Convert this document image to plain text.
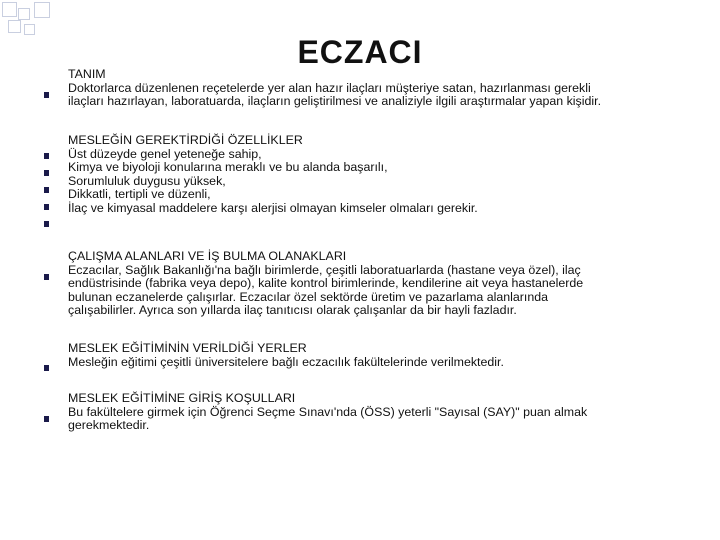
ECZACI
TANIM
Doktorlarca düzenlenen reçetelerde yer alan hazır ilaçları müşteriye satan, hazırlanması gerekli
ilaçları hazırlayan, laboratuarda, ilaçların geliştirilmesi ve analiziyle ilgili araştırmalar yapan kişidir.
MESLEĞİN GEREKTİRDİĞİ ÖZELLİKLER
Üst düzeyde genel yeteneğe sahip,
Kimya ve biyoloji konularına meraklı ve bu alanda başarılı,
Sorumluluk duygusu yüksek,
Dikkatli, tertipli ve düzenli,
İlaç ve kimyasal maddelere karşı alerjisi olmayan kimseler olmaları gerekir.
ÇALIŞMA ALANLARI VE İŞ BULMA OLANAKLARI
Eczacılar, Sağlık Bakanlığı'na bağlı birimlerde, çeşitli laboratuarlarda (hastane veya özel), ilaç
endüstrisinde (fabrika veya depo), kalite kontrol birimlerinde, kendilerine ait veya hastanelerde
bulunan eczanelerde çalışırlar. Eczacılar özel sektörde üretim ve pazarlama alanlarında
çalışabilirler. Ayrıca son yıllarda ilaç tanıtıcısı olarak çalışanlar da bir hayli fazladır.
MESLEK EĞİTİMİNİN VERİLDİĞİ YERLER
Mesleğin eğitimi çeşitli üniversitelere bağlı eczacılık fakültelerinde verilmektedir.
MESLEK EĞİTİMİNE GİRİŞ KOŞULLARI
Bu fakültelere girmek için Öğrenci Seçme Sınavı'nda (ÖSS) yeterli "Sayısal (SAY)" puan almak
gerekmektedir.
